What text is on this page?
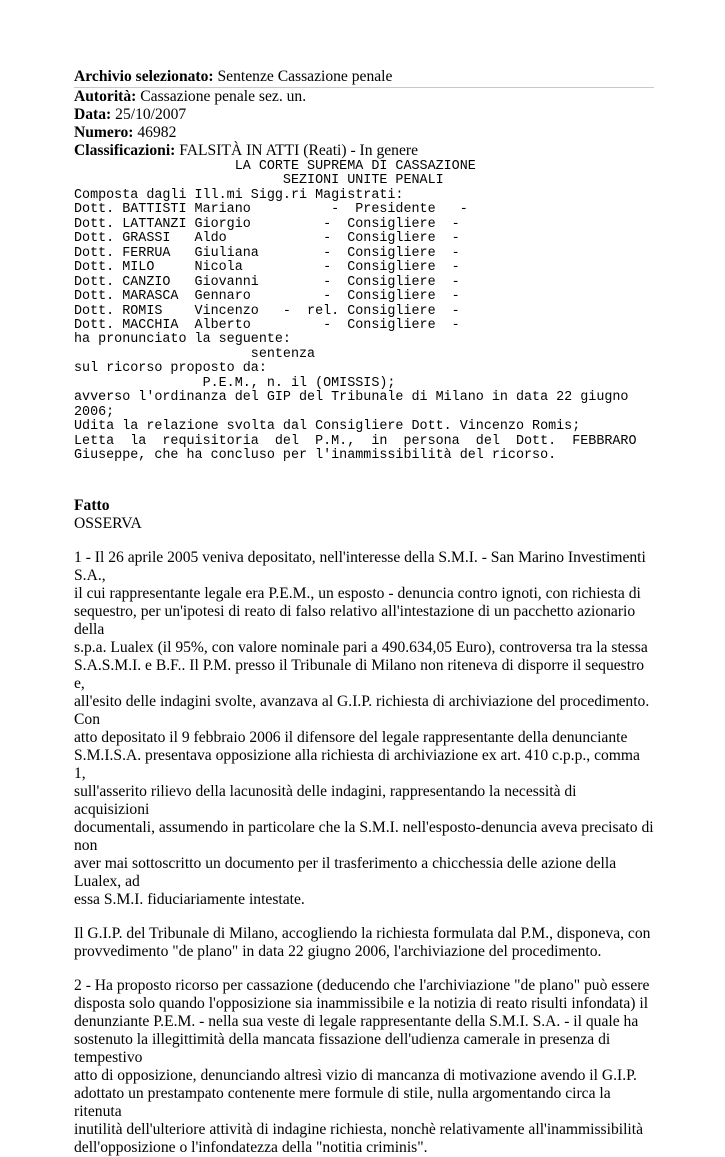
Archivio selezionato: Sentenze Cassazione penale
Autorità: Cassazione penale sez. un.
Data: 25/10/2007
Numero: 46982
Classificazioni: FALSITÀ IN ATTI (Reati) - In genere
LA CORTE SUPREMA DI CASSAZIONE
SEZIONI UNITE PENALI
Composta dagli Ill.mi Sigg.ri Magistrati:
Dott. BATTISTI Mariano          -  Presidente   -
Dott. LATTANZI Giorgio         -  Consigliere  -
Dott. GRASSI   Aldo            -  Consigliere  -
Dott. FERRUA   Giuliana        -  Consigliere  -
Dott. MILO     Nicola          -  Consigliere  -
Dott. CANZIO   Giovanni        -  Consigliere  -
Dott. MARASCA  Gennaro         -  Consigliere  -
Dott. ROMIS    Vincenzo   -  rel. Consigliere  -
Dott. MACCHIA  Alberto         -  Consigliere  -
ha pronunciato la seguente:
sentenza
sul ricorso proposto da:
P.E.M., n. il (OMISSIS);
avverso l'ordinanza del GIP del Tribunale di Milano in data 22 giugno
2006;
Udita la relazione svolta dal Consigliere Dott. Vincenzo Romis;
Letta  la  requisitoria  del  P.M.,  in  persona  del  Dott.  FEBBRARO
Giuseppe, che ha concluso per l'inammissibilità del ricorso.
Fatto
OSSERVA
1 - Il 26 aprile 2005 veniva depositato, nell'interesse della S.M.I. - San Marino Investimenti S.A.,
il cui rappresentante legale era P.E.M., un esposto - denuncia contro ignoti, con richiesta di
sequestro, per un'ipotesi di reato di falso relativo all'intestazione di un pacchetto azionario della
s.p.a. Lualex (il 95%, con valore nominale pari a 490.634,05 Euro), controversa tra la stessa
S.A.S.M.I. e B.F.. Il P.M. presso il Tribunale di Milano non riteneva di disporre il sequestro e,
all'esito delle indagini svolte, avanzava al G.I.P. richiesta di archiviazione del procedimento. Con
atto depositato il 9 febbraio 2006 il difensore del legale rappresentante della denunciante
S.M.I.S.A. presentava opposizione alla richiesta di archiviazione ex art. 410 c.p.p., comma 1,
sull'asserito rilievo della lacunosità delle indagini, rappresentando la necessità di acquisizioni
documentali, assumendo in particolare che la S.M.I. nell'esposto-denuncia aveva precisato di non
aver mai sottoscritto un documento per il trasferimento a chicchessia delle azione della Lualex, ad
essa S.M.I. fiduciariamente intestate.
Il G.I.P. del Tribunale di Milano, accogliendo la richiesta formulata dal P.M., disponeva, con
provvedimento "de plano" in data 22 giugno 2006, l'archiviazione del procedimento.
2 - Ha proposto ricorso per cassazione (deducendo che l'archiviazione "de plano" può essere
disposta solo quando l'opposizione sia inammissibile e la notizia di reato risulti infondata) il
denunziante P.E.M. - nella sua veste di legale rappresentante della S.M.I. S.A. - il quale ha
sostenuto la illegittimità della mancata fissazione dell'udienza camerale in presenza di tempestivo
atto di opposizione, denunciando altresì vizio di mancanza di motivazione avendo il G.I.P.
adottato un prestampato contenente mere formule di stile, nulla argomentando circa la ritenuta
inutilità dell'ulteriore attività di indagine richiesta, nonchè relativamente all'inammissibilità
dell'opposizione o l'infondatezza della "notitia criminis".
